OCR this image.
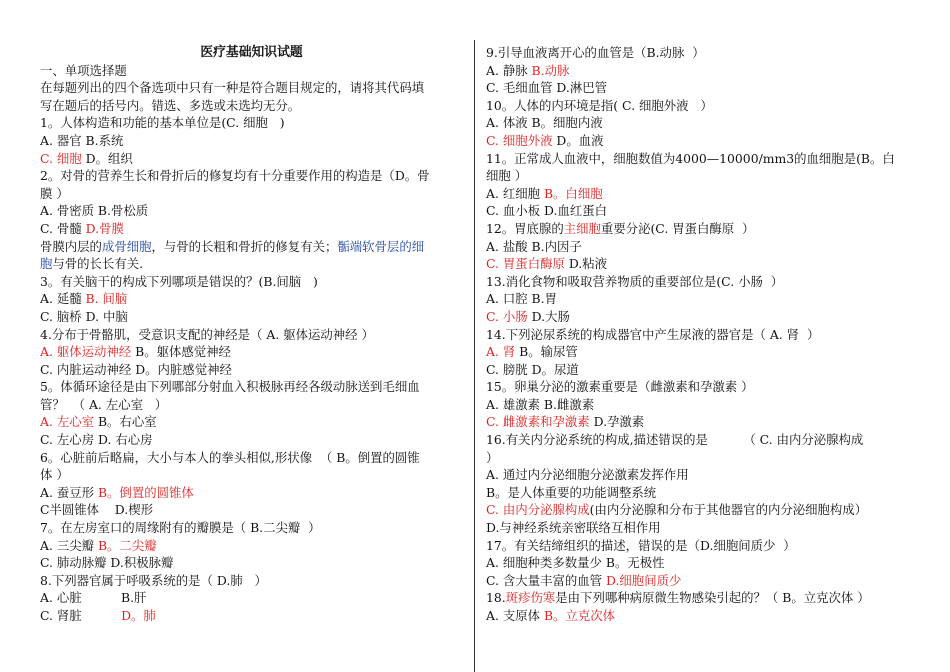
医疗基础知识试题
一、单项选择题
在每题列出的四个备选项中只有一种是符合题目规定的，请将其代码填
写在题后的括号内。错选、多选或未选均无分。
1。人体构造和功能的基本单位是(C. 细胞   )
A. 器官 B.系统
C. 细胞 D。组织
2。对骨的营养生长和骨折后的修复均有十分重要作用的构造是（D。骨
膜 ）
A. 骨密质 B.骨松质
C. 骨髓 D.骨膜
骨膜内层的成骨细胞，与骨的长粗和骨折的修复有关；骺端软骨层的细
胞与骨的长长有关.
3。有关脑干的构成下列哪项是错误的？(B.间脑   )
A. 延髓 B. 间脑
C. 脑桥 D. 中脑
4.分布于骨骼肌，受意识支配的神经是（ A. 躯体运动神经 ）
A. 躯体运动神经 B。躯体感觉神经
C. 内脏运动神经 D。内脏感觉神经
5。体循环途径是由下列哪部分射血入积极脉再经各级动脉送到毛细血
管？  （ A. 左心室   ）
A. 左心室 B。右心室
C. 左心房 D. 右心房
6。心脏前后略扁，大小与本人的拳头相似,形状像  （ B。倒置的圆锥
体 ）
A. 蚕豆形 B。倒置的圆锥体
C半圆锥体    D.楔形
7。在左房室口的周缘附有的瓣膜是（ B.二尖瓣  ）
A. 三尖瓣 B。二尖瓣
C. 肺动脉瓣 D.积极脉瓣
8.下列器官属于呼吸系统的是（ D.肺   ）
A. 心脏          B.肝
C. 肾脏          D。肺
9.引导血液离开心的血管是（B.动脉  ）
A. 静脉 B.动脉
C. 毛细血管 D.淋巴管
10。人体的内环境是指( C. 细胞外液   ）
A. 体液 B。细胞内液
C. 细胞外液 D。血液
11。正常成人血液中，细胞数值为4000—10000/mm3的血细胞是(B。白
细胞 ）
A. 红细胞 B。白细胞
C. 血小板 D.血红蛋白
12。胃底腺的主细胞重要分泌(C. 胃蛋白酶原  ）
A. 盐酸 B.内因子
C. 胃蛋白酶原 D.粘液
13.消化食物和吸取营养物质的重要部位是(C. 小肠  ）
A. 口腔 B.胃
C. 小肠 D.大肠
14.下列泌尿系统的构成器官中产生尿液的器官是（ A. 肾  ）
A. 肾 B。输尿管
C. 膀胱 D。尿道
15。卵巢分泌的激素重要是（雌激素和孕激素 ）
A. 雄激素 B.雌激素
C. 雌激素和孕激素 D.孕激素
16.有关内分泌系统的构成,描述错误的是         （ C. 由内分泌腺构成
）
A. 通过内分泌细胞分泌激素发挥作用
B。是人体重要的功能调整系统
C. 由内分泌腺构成(由内分泌腺和分布于其他器官的内分泌细胞构成）
D.与神经系统亲密联络互相作用
17。有关结缔组织的描述，错误的是（D.细胞间质少  ）
A. 细胞种类多数量少 B。无极性
C. 含大量丰富的血管 D.细胞间质少
18.斑疹伤寒是由下列哪种病原微生物感染引起的？（ B。立克次体 ）
A. 支原体 B。立克次体
